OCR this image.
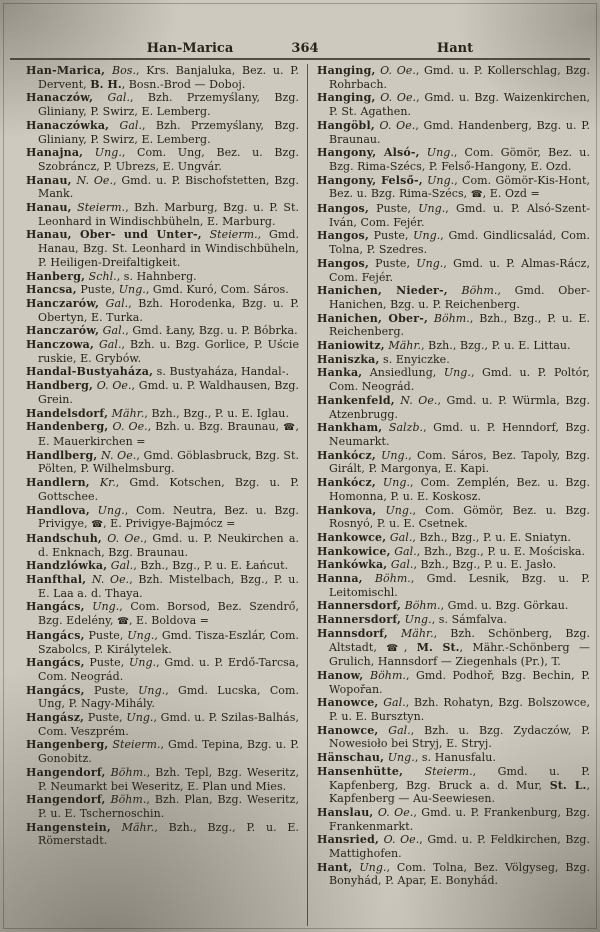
Han-Marica	364	Hant

Han-Marica, Bos., Krs. Banjaluka, Bez. u. P. Dervent, B. H., Bosn.-Brod — Doboj.

Hanaczów, Gal., Bzh. Przemyślany, Bzg. Gliniany, P. Swirz, E. Lemberg.

Hanaczówka, Gal., Bzh. Przemyślany, Bzg. Gliniany, P. Swirz, E. Lemberg.

Hanajna, Ung., Com. Ung, Bez. u. Bzg. Szobráncz, P. Ubrezs, E. Ungvár.

Hanau, N. Oe., Gmd. u. P. Bischofstetten, Bzg. Mank.

Hanau, Steierm., Bzh. Marburg, Bzg. u. P. St. Leonhard in Windischbüheln, E. Marburg.

Hanau, Ober- und Unter-, Steierm., Gmd. Hanau, Bzg. St. Leonhard in Windischbüheln, P. Heiligen-Dreifaltigkeit.

Hanberg, Schl., s. Hahnberg.

Hancsa, Puste, Ung., Gmd. Kuró, Com. Sáros.

Hanczarów, Gal., Bzh. Horodenka, Bzg. u. P. Obertyn, E. Turka.

Hanczarów, Gal., Gmd. Łany, Bzg. u. P. Bóbrka.

Hanczowa, Gal., Bzh. u. Bzg. Gorlice, P. Uście ruskie, E. Grybów.

Handal-Bustyaháza, s. Bustyaháza, Handal-.

Handberg, O. Oe., Gmd. u. P. Waldhausen, Bzg. Grein.

Handelsdorf, Mähr., Bzh., Bzg., P. u. E. Iglau.

Handenberg, O. Oe., Bzh. u. Bzg. Braunau, ☎, E. Mauerkirchen =

Handlberg, N. Oe., Gmd. Göblasbruck, Bzg. St. Pölten, P. Wilhelmsburg.

Handlern, Kr., Gmd. Kotschen, Bzg. u. P. Gottschee.

Handlova, Ung., Com. Neutra, Bez. u. Bzg. Privigye, ☎, E. Privigye-Bajmócz =

Handschuh, O. Oe., Gmd. u. P. Neukirchen a. d. Enknach, Bzg. Braunau.

Handzlówka, Gal., Bzh., Bzg., P. u. E. Łańcut.

Hanfthal, N. Oe., Bzh. Mistelbach, Bzg., P. u. E. Laa a. d. Thaya.

Hangács, Ung., Com. Borsod, Bez. Szendrő, Bzg. Edelény, ☎, E. Boldova =

Hangács, Puste, Ung., Gmd. Tisza-Eszlár, Com. Szabolcs, P. Királytelek.

Hangács, Puste, Ung., Gmd. u. P. Erdő-Tarcsa, Com. Neográd.

Hangács, Puste, Ung., Gmd. Lucska, Com. Ung, P. Nagy-Mihály.

Hangász, Puste, Ung., Gmd. u. P. Szilas-Balhás, Com. Veszprém.

Hangenberg, Steierm., Gmd. Tepina, Bzg. u. P. Gonobitz.

Hangendorf, Böhm., Bzh. Tepl, Bzg. Weseritz, P. Neumarkt bei Weseritz, E. Plan und Mies.

Hangendorf, Böhm., Bzh. Plan, Bzg. Weseritz, P. u. E. Tschernoschin.

Hangenstein, Mähr., Bzh., Bzg., P. u. E. Römerstadt.

Hanging, O. Oe., Gmd. u. P. Kollerschlag, Bzg. Rohrbach.

Hanging, O. Oe., Gmd. u. Bzg. Waizenkirchen, P. St. Agathen.

Hangöbl, O. Oe., Gmd. Handenberg, Bzg. u. P. Braunau.

Hangony, Alsó-, Ung., Com. Gömör, Bez. u. Bzg. Rima-Szécs, P. Felső-Hangony, E. Ozd.

Hangony, Felső-, Ung., Com. Gömör-Kis-Hont, Bez. u. Bzg. Rima-Szécs, ☎, E. Ozd =

Hangos, Puste, Ung., Gmd. u. P. Alsó-Szent-Iván, Com. Fejér.

Hangos, Puste, Ung., Gmd. Gindlicsalád, Com. Tolna, P. Szedres.

Hangos, Puste, Ung., Gmd. u. P. Almas-Rácz, Com. Fejér.

Hanichen, Nieder-, Böhm., Gmd. Ober-Hanichen, Bzg. u. P. Reichenberg.

Hanichen, Ober-, Böhm., Bzh., Bzg., P. u. E. Reichenberg.

Haniowitz, Mähr., Bzh., Bzg., P. u. E. Littau.

Haniszka, s. Enyiczke.

Hanka, Ansiedlung, Ung., Gmd. u. P. Poltór, Com. Neográd.

Hankenfeld, N. Oe., Gmd. u. P. Würmla, Bzg. Atzenbrugg.

Hankham, Salzb., Gmd. u. P. Henndorf, Bzg. Neumarkt.

Hankócz, Ung., Com. Sáros, Bez. Tapoly, Bzg. Girált, P. Margonya, E. Kapi.

Hankócz, Ung., Com. Zemplén, Bez. u. Bzg. Homonna, P. u. E. Koskosz.

Hankova, Ung., Com. Gömör, Bez. u. Bzg. Rosnyó, P. u. E. Csetnek.

Hankowce, Gal., Bzh., Bzg., P. u. E. Sniatyn.

Hankowice, Gal., Bzh., Bzg., P. u. E. Mościska.

Hankówka, Gal., Bzh., Bzg., P. u. E. Jasło.

Hanna, Böhm., Gmd. Lesnik, Bzg. u. P. Leitomischl.

Hannersdorf, Böhm., Gmd. u. Bzg. Görkau.

Hannersdorf, Ung., s. Sámfalva.

Hannsdorf, Mähr., Bzh. Schönberg, Bzg. Altstadt, ☎, M. St., Mähr.-Schönberg — Grulich, Hannsdorf — Ziegenhals (Pr.), T.

Hanow, Böhm., Gmd. Podhoř, Bzg. Bechin, P. Wopořan.

Hanowce, Gal., Bzh. Rohatyn, Bzg. Bolszowce, P. u. E. Bursztyn.

Hanowce, Gal., Bzh. u. Bzg. Zydaczów, P. Nowesioło bei Stryj, E. Stryj.

Hänschau, Ung., s. Hanusfalu.

Hansenhütte, Steierm., Gmd. u. P. Kapfenberg, Bzg. Bruck a. d. Mur, St. L., Kapfenberg — Au-Seewiesen.

Hanslau, O. Oe., Gmd. u. P. Frankenburg, Bzg. Frankenmarkt.

Hansried, O. Oe., Gmd. u. P. Feldkirchen, Bzg. Mattighofen.

Hant, Ung., Com. Tolna, Bez. Völgyseg, Bzg. Bonyhád, P. Apar, E. Bonyhád.
